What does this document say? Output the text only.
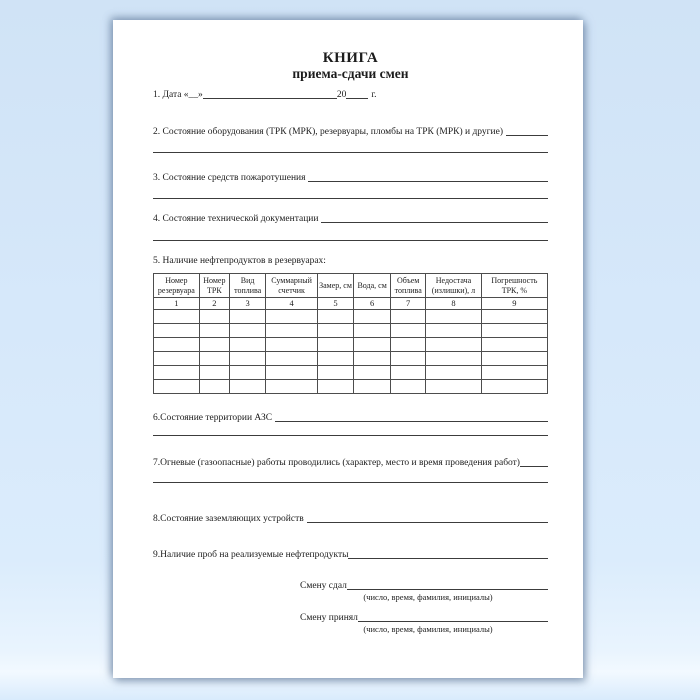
КНИГА
приема-сдачи смен
1. Дата «__»	20	г.
2. Состояние оборудования (ТРК (МРК), резервуары, пломбы на ТРК (МРК) и другие)
3. Состояние средств пожаротушения
4. Состояние технической документации
5. Наличие нефтепродуктов в резервуарах:
Номер резервуара	Номер ТРК	Вид топлива	Суммарный счетчик	Замер, см	Вода, см	Объем топлива	Недостача (излишки), л	Погрешность ТРК, %
1	2	3	4	5	6	7	8	9

6.Состояние территории АЗС
7.Огневые (газоопасные) работы проводились (характер, место и время проведения работ)
8.Состояние заземляющих устройств
9.Наличие проб на реализуемые нефтепродукты
Смену сдал
(число, время, фамилия, инициалы)
Смену принял
(число, время, фамилия, инициалы)
